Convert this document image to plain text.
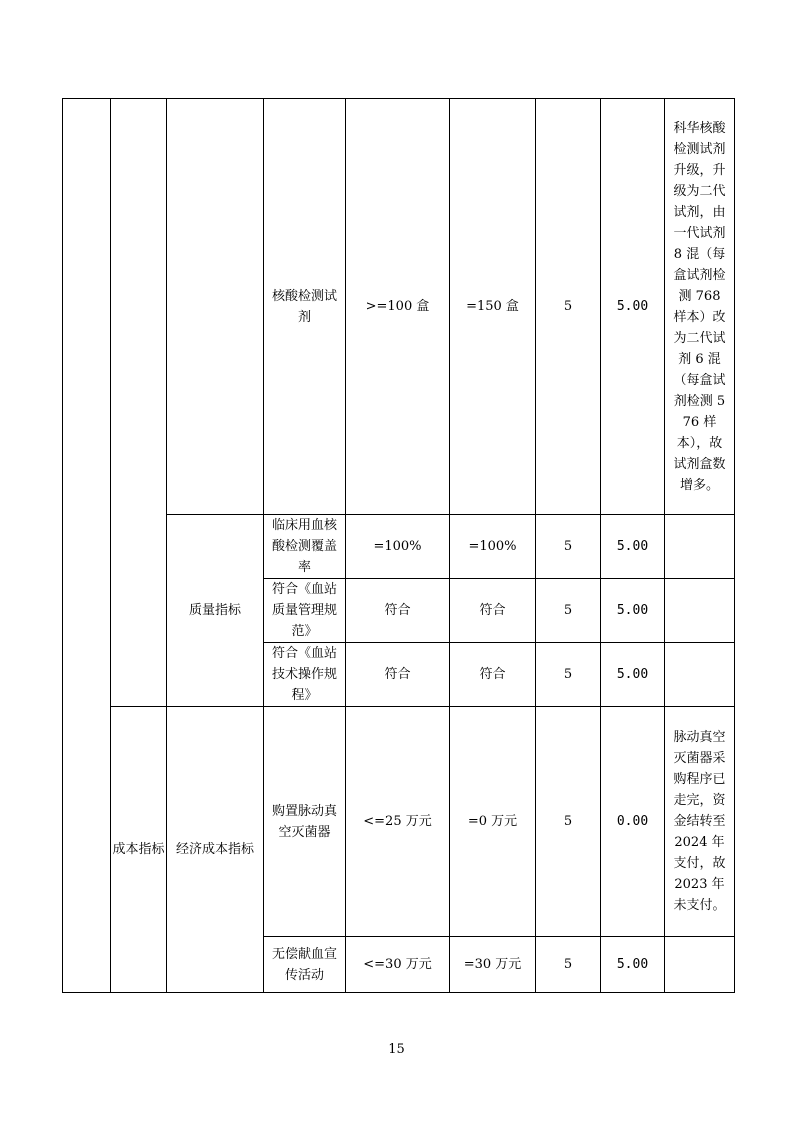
			核酸检测试剂	>=100 盒	=150 盒	5	5.00	科华核酸检测试剂升级，升级为二代试剂，由一代试剂 8 混（每盒试剂检测 768 样本）改为二代试剂 6 混（每盒试剂检测 576 样本），故试剂盒数增多。
		质量指标	临床用血核酸检测覆盖率	=100%	=100%	5	5.00	
			符合《血站质量管理规范》	符合	符合	5	5.00	
			符合《血站技术操作规程》	符合	符合	5	5.00	
	成本指标	经济成本指标	购置脉动真空灭菌器	<=25 万元	=0 万元	5	0.00	脉动真空灭菌器采购程序已走完，资金结转至 2024 年支付，故 2023 年未支付。
			无偿献血宣传活动	<=30 万元	=30 万元	5	5.00	
15
